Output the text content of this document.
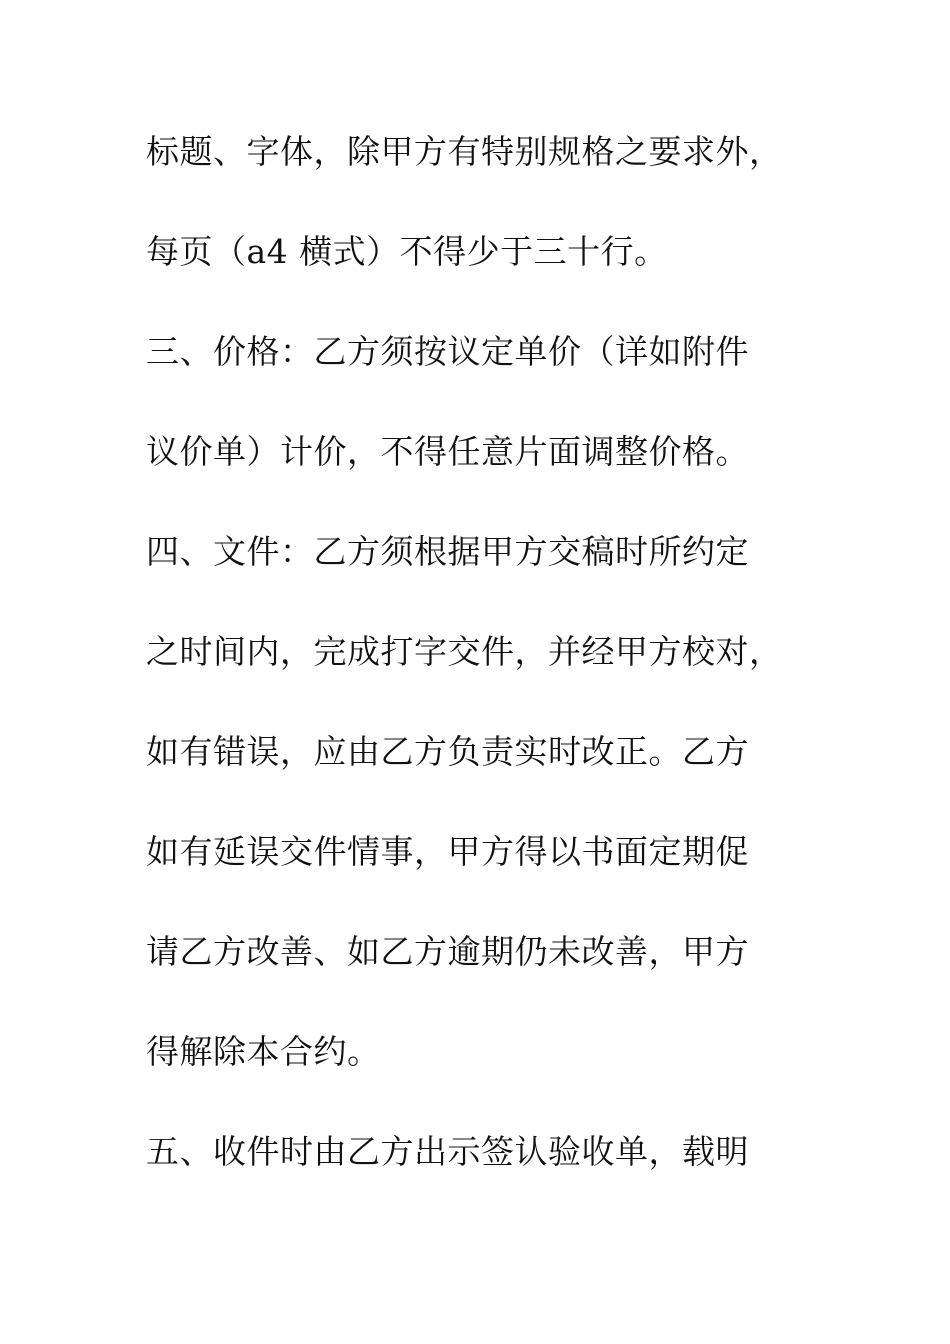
标题、字体，除甲方有特别规格之要求外，
每页（a4 横式）不得少于三十行。
三、价格：乙方须按议定单价（详如附件
议价单）计价，不得任意片面调整价格。
四、文件：乙方须根据甲方交稿时所约定
之时间内，完成打字交件，并经甲方校对，
如有错误，应由乙方负责实时改正。乙方
如有延误交件情事，甲方得以书面定期促
请乙方改善、如乙方逾期仍未改善，甲方
得解除本合约。
五、收件时由乙方出示签认验收单，载明
